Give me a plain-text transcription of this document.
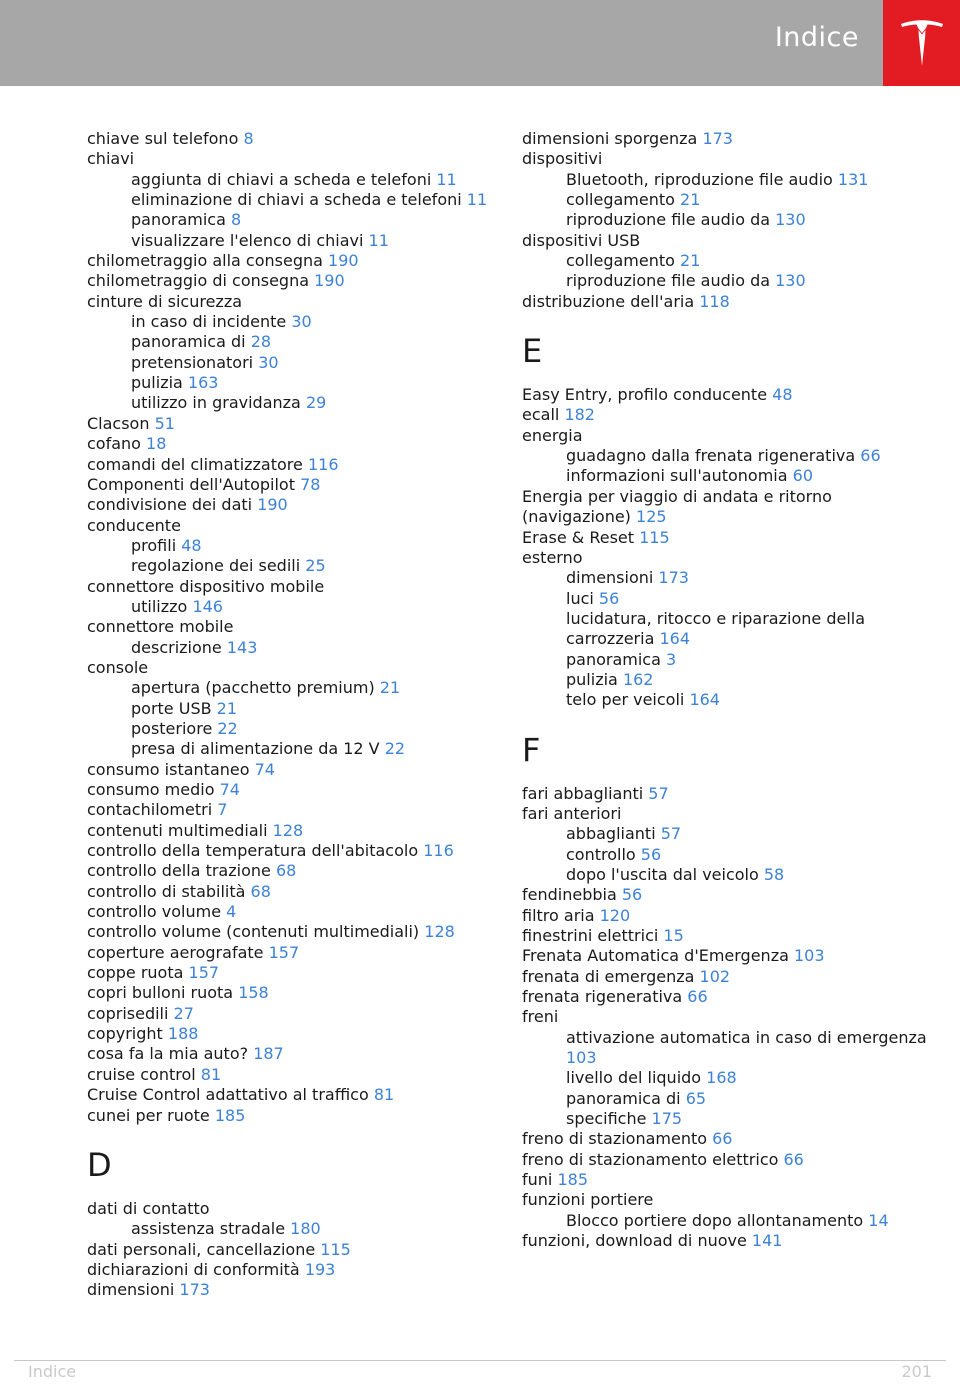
Indice
chiave sul telefono 8
chiavi
aggiunta di chiavi a scheda e telefoni 11
eliminazione di chiavi a scheda e telefoni 11
panoramica 8
visualizzare l'elenco di chiavi 11
chilometraggio alla consegna 190
chilometraggio di consegna 190
cinture di sicurezza
in caso di incidente 30
panoramica di 28
pretensionatori 30
pulizia 163
utilizzo in gravidanza 29
Clacson 51
cofano 18
comandi del climatizzatore 116
Componenti dell'Autopilot 78
condivisione dei dati 190
conducente
profili 48
regolazione dei sedili 25
connettore dispositivo mobile
utilizzo 146
connettore mobile
descrizione 143
console
apertura (pacchetto premium) 21
porte USB 21
posteriore 22
presa di alimentazione da 12 V 22
consumo istantaneo 74
consumo medio 74
contachilometri 7
contenuti multimediali 128
controllo della temperatura dell'abitacolo 116
controllo della trazione 68
controllo di stabilità 68
controllo volume 4
controllo volume (contenuti multimediali) 128
coperture aerografate 157
coppe ruota 157
copri bulloni ruota 158
coprisedili 27
copyright 188
cosa fa la mia auto? 187
cruise control 81
Cruise Control adattativo al traffico 81
cunei per ruote 185
D
dati di contatto
assistenza stradale 180
dati personali, cancellazione 115
dichiarazioni di conformità 193
dimensioni 173
dimensioni sporgenza 173
dispositivi
Bluetooth, riproduzione file audio 131
collegamento 21
riproduzione file audio da 130
dispositivi USB
collegamento 21
riproduzione file audio da 130
distribuzione dell'aria 118
E
Easy Entry, profilo conducente 48
ecall 182
energia
guadagno dalla frenata rigenerativa 66
informazioni sull'autonomia 60
Energia per viaggio di andata e ritorno (navigazione) 125
Erase & Reset 115
esterno
dimensioni 173
luci 56
lucidatura, ritocco e riparazione della carrozzeria 164
panoramica 3
pulizia 162
telo per veicoli 164
F
fari abbaglianti 57
fari anteriori
abbaglianti 57
controllo 56
dopo l'uscita dal veicolo 58
fendinebbia 56
filtro aria 120
finestrini elettrici 15
Frenata Automatica d'Emergenza 103
frenata di emergenza 102
frenata rigenerativa 66
freni
attivazione automatica in caso di emergenza 103
livello del liquido 168
panoramica di 65
specifiche 175
freno di stazionamento 66
freno di stazionamento elettrico 66
funi 185
funzioni portiere
Blocco portiere dopo allontanamento 14
funzioni, download di nuove 141
Indice	201
